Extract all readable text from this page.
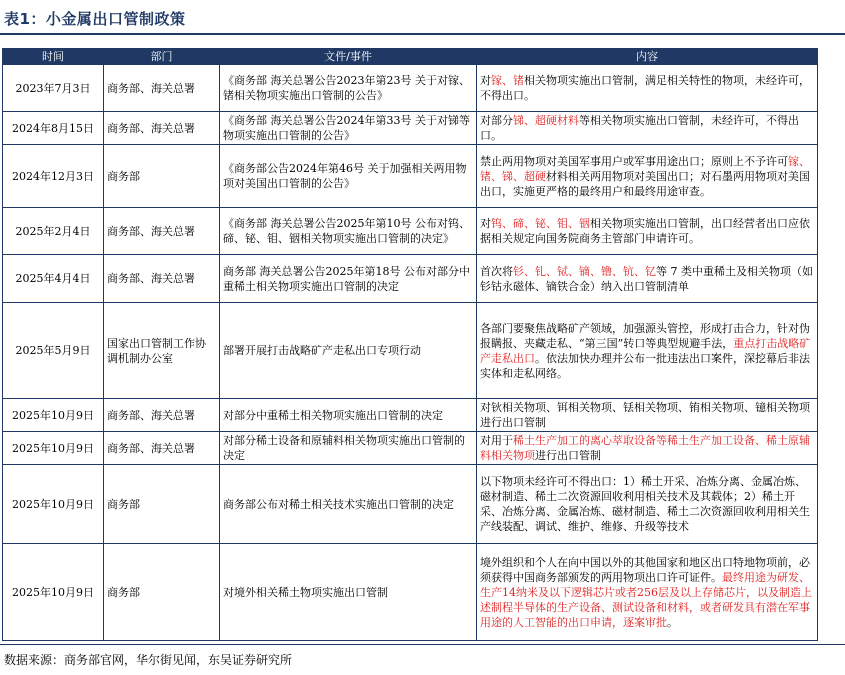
表1：小金属出口管制政策
时间	部门	文件/事件	内容
2023年7月3日	商务部、海关总署	《商务部 海关总署公告2023年第23号 关于对镓、锗相关物项实施出口管制的公告》	对镓、锗相关物项实施出口管制，满足相关特性的物项，未经许可，不得出口。
2024年8月15日	商务部、海关总署	《商务部 海关总署公告2024年第33号 关于对锑等物项实施出口管制的公告》	对部分锑、超硬材料等相关物项实施出口管制，未经许可，不得出口。
2024年12月3日	商务部	《商务部公告2024年第46号 关于加强相关两用物项对美国出口管制的公告》	禁止两用物项对美国军事用户或军事用途出口；原则上不予许可镓、锗、锑、超硬材料相关两用物项对美国出口；对石墨两用物项对美国出口，实施更严格的最终用户和最终用途审查。
2025年2月4日	商务部、海关总署	《商务部 海关总署公告2025年第10号 公布对钨、碲、铋、钼、铟相关物项实施出口管制的决定》	对钨、碲、铋、钼、铟相关物项实施出口管制，出口经营者出口应依据相关规定向国务院商务主管部门申请许可。
2025年4月4日	商务部、海关总署	商务部 海关总署公告2025年第18号 公布对部分中重稀土相关物项实施出口管制的决定	首次将钐、钆、铽、镝、镥、钪、钇等 7 类中重稀土及相关物项（如钐钴永磁体、镝铁合金）纳入出口管制清单
2025年5月9日	国家出口管制工作协调机制办公室	部署开展打击战略矿产走私出口专项行动	各部门要聚焦战略矿产领域，加强源头管控，形成打击合力，针对伪报瞒报、夹藏走私、“第三国”转口等典型规避手法，重点打击战略矿产走私出口。依法加快办理并公布一批违法出口案件，深挖幕后非法实体和走私网络。
2025年10月9日	商务部、海关总署	对部分中重稀土相关物项实施出口管制的决定	对钬相关物项、铒相关物项、铥相关物项、铕相关物项、镱相关物项进行出口管制
2025年10月9日	商务部、海关总署	对部分稀土设备和原辅料相关物项实施出口管制的决定	对用于稀土生产加工的离心萃取设备等稀土生产加工设备、稀土原辅料相关物项进行出口管制
2025年10月9日	商务部	商务部公布对稀土相关技术实施出口管制的决定	以下物项未经许可不得出口：1）稀土开采、冶炼分离、金属冶炼、磁材制造、稀土二次资源回收利用相关技术及其载体；2）稀土开采、冶炼分离、金属冶炼、磁材制造、稀土二次资源回收利用相关生产线装配、调试、维护、维修、升级等技术
2025年10月9日	商务部	对境外相关稀土物项实施出口管制	境外组织和个人在向中国以外的其他国家和地区出口特地物项前，必须获得中国商务部颁发的两用物项出口许可证件。最终用途为研发、生产14纳米及以下逻辑芯片或者256层及以上存储芯片，以及制造上述制程半导体的生产设备、测试设备和材料，或者研发具有潜在军事用途的人工智能的出口申请，逐案审批。
数据来源：商务部官网，华尔街见闻，东吴证券研究所
